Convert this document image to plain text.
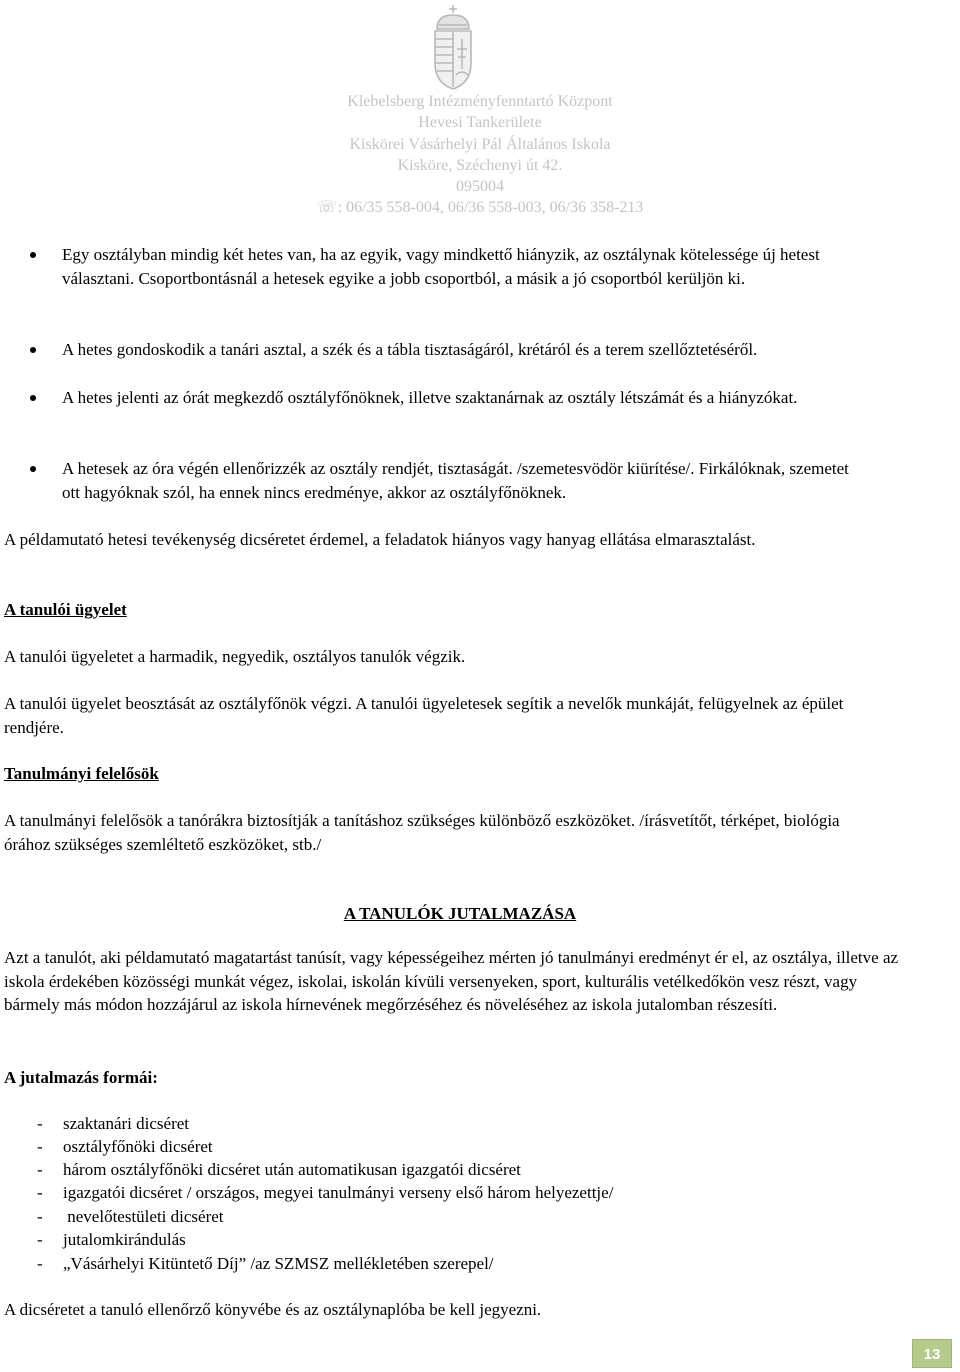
Klebelsberg Intézményfenntartó Központ
Hevesi Tankerülete
Kiskörei Vásárhelyi Pál Általános Iskola
Kisköre, Széchenyi út 42.
095004
☏: 06/35 558-004, 06/36 558-003, 06/36 358-213
Egy osztályban mindig két hetes van, ha az egyik, vagy mindkettő hiányzik, az osztálynak kötelessége új hetest választani. Csoportbontásnál a hetesek egyike a jobb csoportból, a másik a jó csoportból kerüljön ki.
A hetes gondoskodik a tanári asztal, a szék és a tábla tisztaságáról, krétáról és a terem szellőztetéséről.
A hetes jelenti az órát megkezdő osztályfőnöknek, illetve szaktanárnak az osztály létszámát és a hiányzókat.
A hetesek az óra végén ellenőrizzék az osztály rendjét, tisztaságát. /szemetesvödör kiürítése/. Firkálóknak, szemetet ott hagyóknak szól, ha ennek nincs eredménye, akkor az osztályfőnöknek.
A példamutató hetesi tevékenység dicséretet érdemel, a feladatok hiányos vagy hanyag ellátása elmarasztalást.
A tanulói ügyelet
A tanulói ügyeletet a harmadik, negyedik, osztályos tanulók végzik.
A tanulói ügyelet beosztását az osztályfőnök végzi. A tanulói ügyeletesek segítik a nevelők munkáját, felügyelnek az épület rendjére.
Tanulmányi felelősök
A tanulmányi felelősök a tanórákra biztosítják a tanításhoz szükséges különböző eszközöket. /írásvetítőt, térképet, biológia órához szükséges szemléltető eszközöket, stb./
A TANULÓK JUTALMAZÁSA
Azt a tanulót, aki példamutató magatartást tanúsít, vagy képességeihez mérten jó tanulmányi eredményt ér el, az osztálya, illetve az iskola érdekében közösségi munkát végez, iskolai, iskolán kívüli versenyeken, sport, kulturális vetélkedőkön vesz részt, vagy bármely más módon hozzájárul az iskola hírnevének megőrzéséhez és növeléséhez az iskola jutalomban részesíti.
A jutalmazás formái:
- szaktanári dicséret
- osztályfőnöki dicséret
- három osztályfőnöki dicséret után automatikusan igazgatói dicséret
- igazgatói dicséret / országos, megyei tanulmányi verseny első három helyezettje/
- nevelőtestületi dicséret
- jutalomkirándulás
- „Vásárhelyi Kitüntető Díj” /az SZMSZ mellékletében szerepel/
A dicséretet a tanuló ellenőrző könyvébe és az osztálynaplóba be kell jegyezni.
13
